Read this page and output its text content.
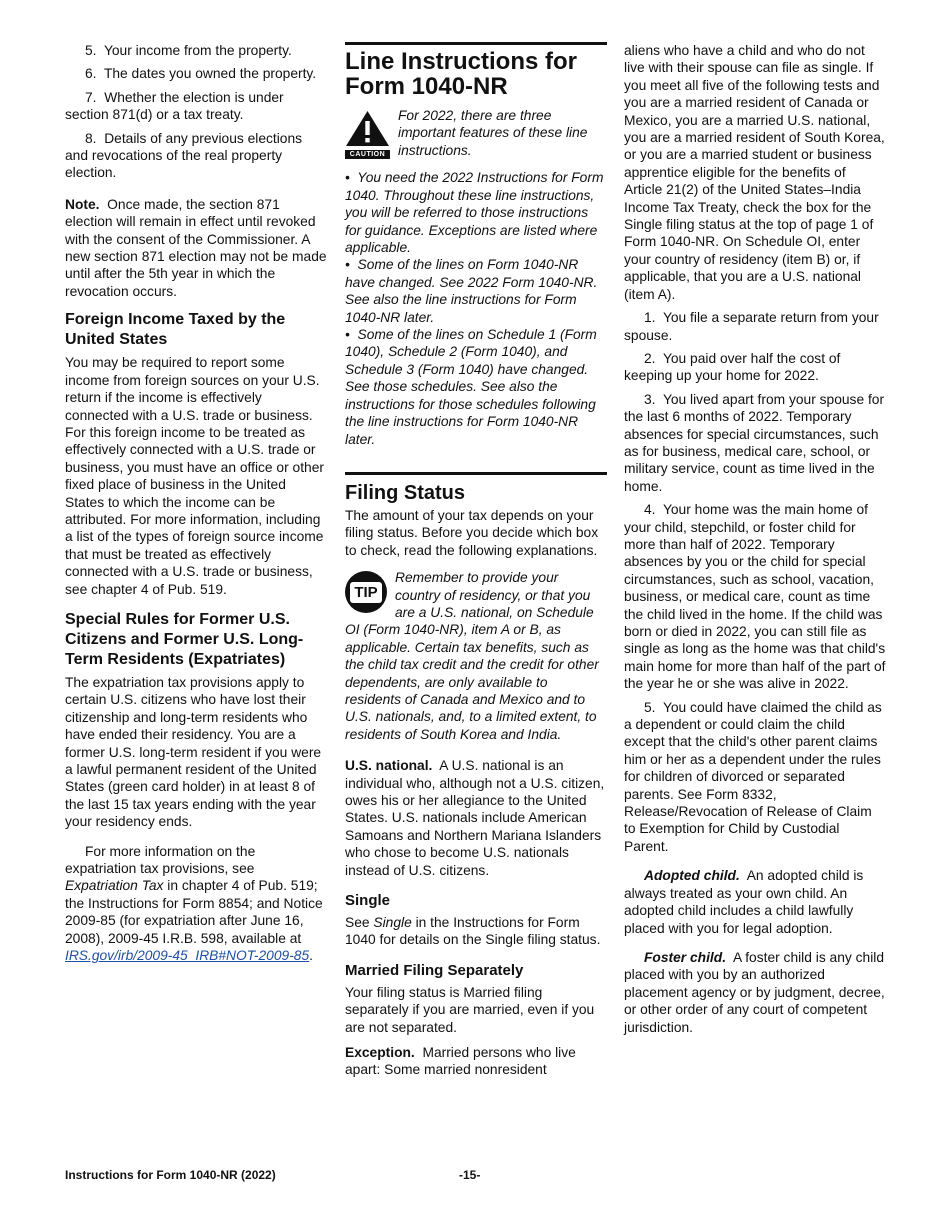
5. Your income from the property.

6. The dates you owned the property.

7. Whether the election is under section 871(d) or a tax treaty.

8. Details of any previous elections and revocations of the real property election.

Note. Once made, the section 871 election will remain in effect until revoked with the consent of the Commissioner. A new section 871 election may not be made until after the 5th year in which the revocation occurs.

Foreign Income Taxed by the United States

You may be required to report some income from foreign sources on your U.S. return if the income is effectively connected with a U.S. trade or business. For this foreign income to be treated as effectively connected with a U.S. trade or business, you must have an office or other fixed place of business in the United States to which the income can be attributed. For more information, including a list of the types of foreign source income that must be treated as effectively connected with a U.S. trade or business, see chapter 4 of Pub. 519.

Special Rules for Former U.S. Citizens and Former U.S. Long-Term Residents (Expatriates)

The expatriation tax provisions apply to certain U.S. citizens who have lost their citizenship and long-term residents who have ended their residency. You are a former U.S. long-term resident if you were a lawful permanent resident of the United States (green card holder) in at least 8 of the last 15 tax years ending with the year your residency ends.

For more information on the expatriation tax provisions, see Expatriation Tax in chapter 4 of Pub. 519; the Instructions for Form 8854; and Notice 2009-85 (for expatriation after June 16, 2008), 2009-45 I.R.B. 598, available at IRS.gov/irb/2009-45_IRB#NOT-2009-85.

Line Instructions for Form 1040-NR
CAUTION
For 2022, there are three important features of these line instructions.

•  You need the 2022 Instructions for Form 1040. Throughout these line instructions, you will be referred to those instructions for guidance. Exceptions are listed where applicable.

•  Some of the lines on Form 1040-NR have changed. See 2022 Form 1040-NR. See also the line instructions for Form 1040-NR later.

•  Some of the lines on Schedule 1 (Form 1040), Schedule 2 (Form 1040), and Schedule 3 (Form 1040) have changed. See those schedules. See also the instructions for those schedules following the line instructions for Form 1040-NR later.

Filing Status

The amount of your tax depends on your filing status. Before you decide which box to check, read the following explanations.

TIP
Remember to provide your country of residency, or that you are a U.S. national, on Schedule OI (Form 1040-NR), item A or B, as applicable. Certain tax benefits, such as the child tax credit and the credit for other dependents, are only available to residents of Canada and Mexico and to U.S. nationals, and, to a limited extent, to residents of South Korea and India.

U.S. national. A U.S. national is an individual who, although not a U.S. citizen, owes his or her allegiance to the United States. U.S. nationals include American Samoans and Northern Mariana Islanders who chose to become U.S. nationals instead of U.S. citizens.

Single

See Single in the Instructions for Form 1040 for details on the Single filing status.

Married Filing Separately

Your filing status is Married filing separately if you are married, even if you are not separated.

Exception. Married persons who live apart: Some married nonresident

aliens who have a child and who do not live with their spouse can file as single. If you meet all five of the following tests and you are a married resident of Canada or Mexico, you are a married U.S. national, you are a married resident of South Korea, or you are a married student or business apprentice eligible for the benefits of Article 21(2) of the United States–India Income Tax Treaty, check the box for the Single filing status at the top of page 1 of Form 1040-NR. On Schedule OI, enter your country of residency (item B) or, if applicable, that you are a U.S. national (item A).

1. You file a separate return from your spouse.

2. You paid over half the cost of keeping up your home for 2022.

3. You lived apart from your spouse for the last 6 months of 2022. Temporary absences for special circumstances, such as for business, medical care, school, or military service, count as time lived in the home.

4. Your home was the main home of your child, stepchild, or foster child for more than half of 2022. Temporary absences by you or the child for special circumstances, such as school, vacation, business, or medical care, count as time the child lived in the home. If the child was born or died in 2022, you can still file as single as long as the home was that child's main home for more than half of the part of the year he or she was alive in 2022.

5. You could have claimed the child as a dependent or could claim the child except that the child's other parent claims him or her as a dependent under the rules for children of divorced or separated parents. See Form 8332, Release/Revocation of Release of Claim to Exemption for Child by Custodial Parent.

Adopted child. An adopted child is always treated as your own child. An adopted child includes a child lawfully placed with you for legal adoption.

Foster child. A foster child is any child placed with you by an authorized placement agency or by judgment, decree, or other order of any court of competent jurisdiction.

Instructions for Form 1040-NR (2022)	-15-
